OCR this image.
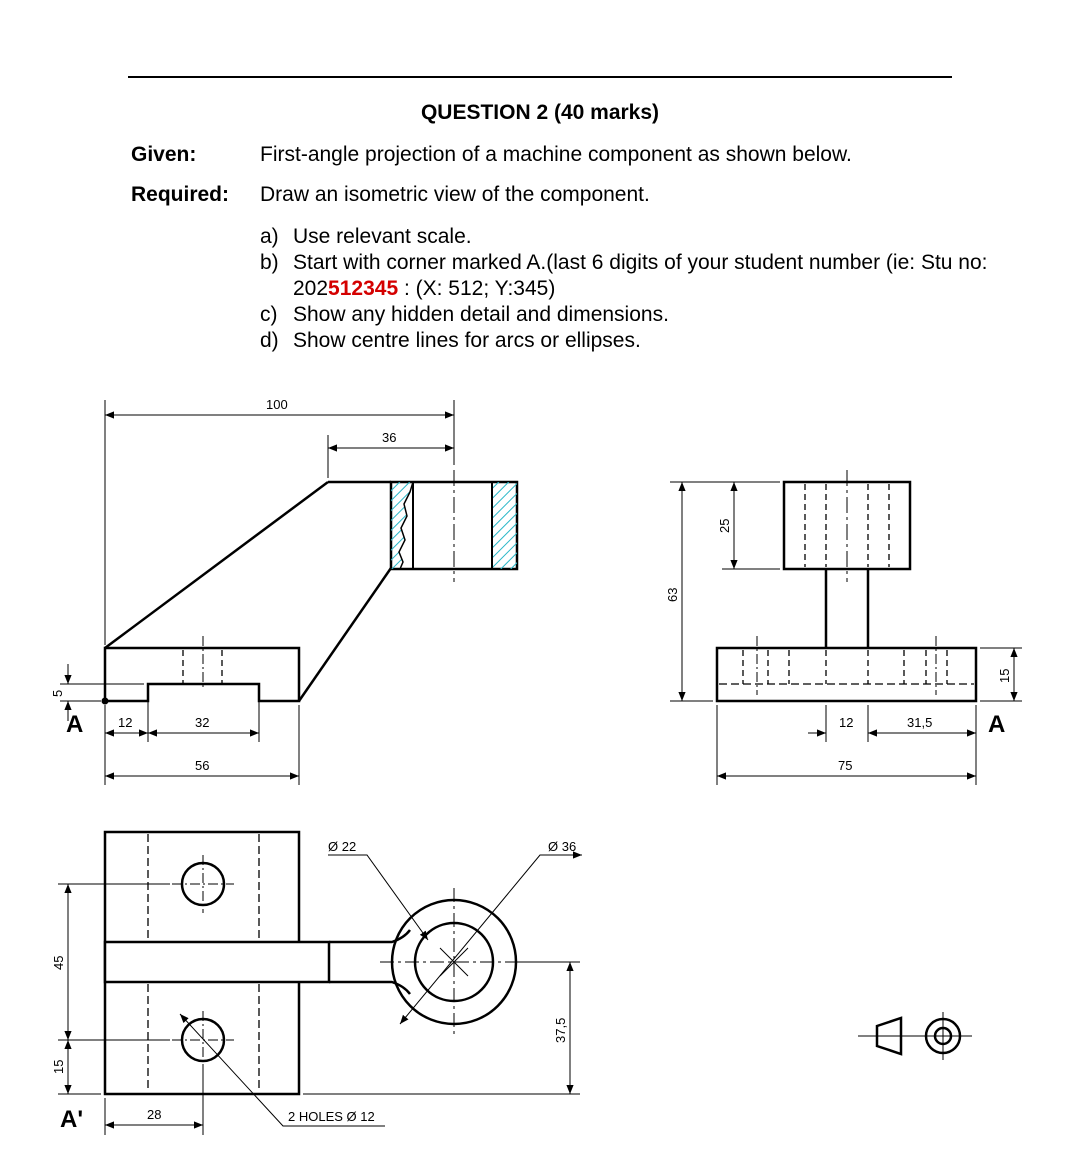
QUESTION 2 (40 marks)
Given:	First-angle projection of a machine component as shown below.
Required: Draw an isometric view of the component.
a) Use relevant scale.
b) Start with corner marked A.(last 6 digits of your student number (ie: Stu no:
202512345 : (X: 512; Y:345)
c) Show any hidden detail and dimensions.
d) Show centre lines for arcs or ellipses.
100
36
12	32
56
5
A
63
25
15
12	31,5
75
A
Ø 22	Ø 36
45
15
28
37,5
2 HOLES Ø 12
A'
